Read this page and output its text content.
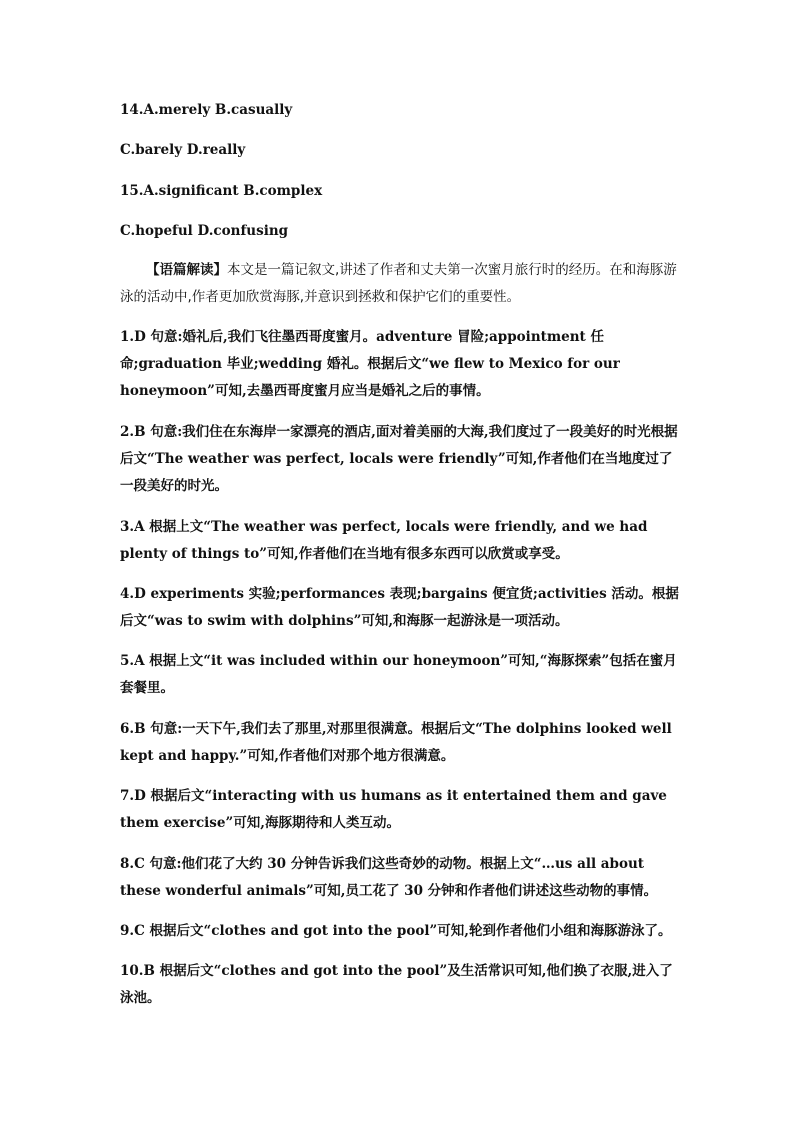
14.A.merely B.casually
C.barely D.really
15.A.significant B.complex
C.hopeful D.confusing
【语篇解读】本文是一篇记叙文,讲述了作者和丈夫第一次蜜月旅行时的经历。在和海豚游泳的活动中,作者更加欣赏海豚,并意识到拯救和保护它们的重要性。
1.D 句意:婚礼后,我们飞往墨西哥度蜜月。adventure 冒险;appointment 任命;graduation 毕业;wedding 婚礼。根据后文“we flew to Mexico for our honeymoon”可知,去墨西哥度蜜月应当是婚礼之后的事情。
2.B 句意:我们住在东海岸一家漂亮的酒店,面对着美丽的大海,我们度过了一段美好的时光根据后文“The weather was perfect, locals were friendly”可知,作者他们在当地度过了一段美好的时光。
3.A 根据上文“The weather was perfect, locals were friendly, and we had plenty of things to”可知,作者他们在当地有很多东西可以欣赏或享受。
4.D experiments 实验;performances 表现;bargains 便宜货;activities 活动。根据后文“was to swim with dolphins”可知,和海豚一起游泳是一项活动。
5.A 根据上文“it was included within our honeymoon”可知,“海豚探索”包括在蜜月套餐里。
6.B 句意:一天下午,我们去了那里,对那里很满意。根据后文“The dolphins looked well kept and happy.”可知,作者他们对那个地方很满意。
7.D 根据后文“interacting with us humans as it entertained them and gave them exercise”可知,海豚期待和人类互动。
8.C 句意:他们花了大约 30 分钟告诉我们这些奇妙的动物。根据上文“…us all about these wonderful animals”可知,员工花了 30 分钟和作者他们讲述这些动物的事情。
9.C 根据后文“clothes and got into the pool”可知,轮到作者他们小组和海豚游泳了。
10.B 根据后文“clothes and got into the pool”及生活常识可知,他们换了衣服,进入了泳池。
